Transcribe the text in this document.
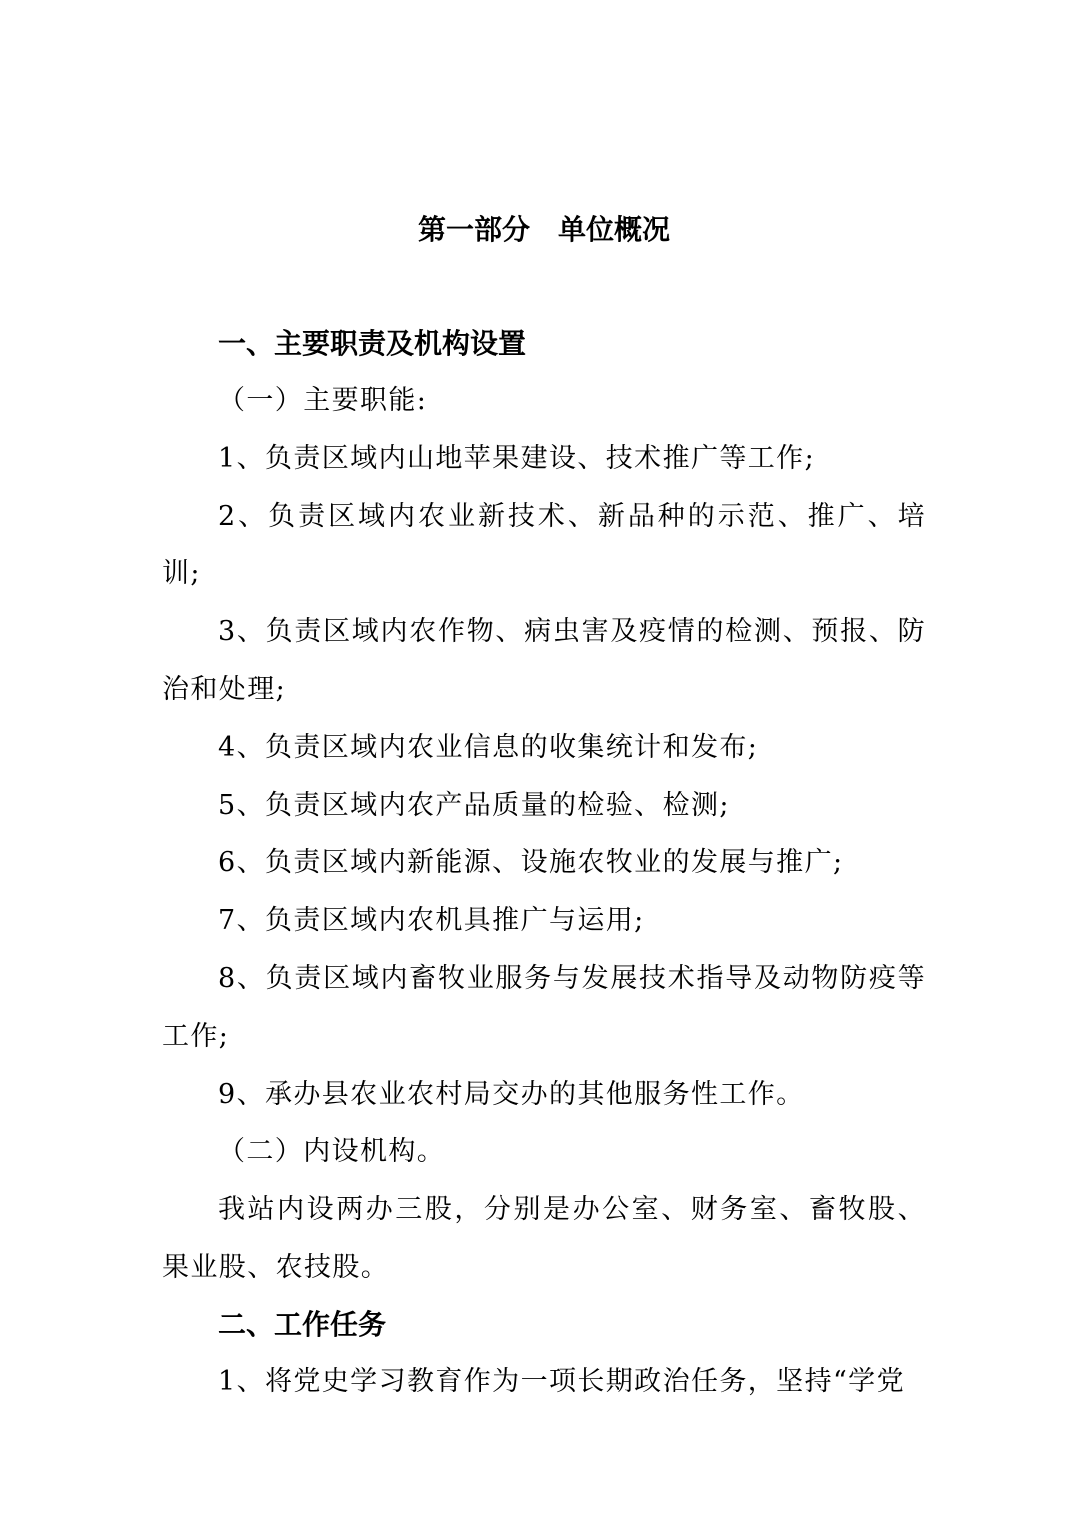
第一部分　单位概况

一、主要职责及机构设置

（一）主要职能:

1、负责区域内山地苹果建设、技术推广等工作;

2、负责区域内农业新技术、新品种的示范、推广、培训;

3、负责区域内农作物、病虫害及疫情的检测、预报、防治和处理;

4、负责区域内农业信息的收集统计和发布;

5、负责区域内农产品质量的检验、检测;

6、负责区域内新能源、设施农牧业的发展与推广;

7、负责区域内农机具推广与运用;

8、负责区域内畜牧业服务与发展技术指导及动物防疫等工作;

9、承办县农业农村局交办的其他服务性工作。

（二）内设机构。

我站内设两办三股，分别是办公室、财务室、畜牧股、果业股、农技股。

二、工作任务

1、将党史学习教育作为一项长期政治任务，坚持“学党
